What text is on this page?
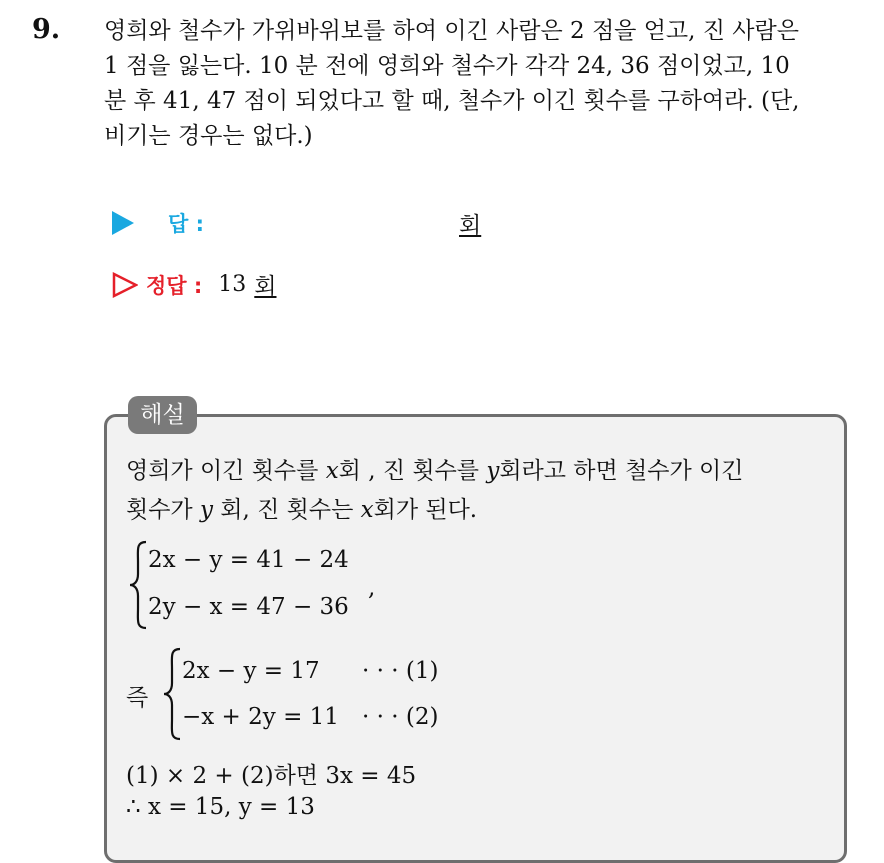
9. 영희와 철수가 가위바위보를 하여 이긴 사람은 2 점을 얻고, 진 사람은
1 점을 잃는다. 10 분 전에 영희와 철수가 각각 24, 36 점이었고, 10
분 후 41, 47 점이 되었다고 할 때, 철수가 이긴 횟수를 구하여라. (단,
비기는 경우는 없다.)
답 :	회
정답 : 13 회
해설
영희가 이긴 횟수를 x회 , 진 횟수를 y회라고 하면 철수가 이긴
횟수가 y 회, 진 횟수는 x회가 된다.
2x − y = 41 − 24
2y − x = 47 − 36
,
즉
2x − y = 17 · · · (1)
−x + 2y = 11 · · · (2)
(1) × 2 + (2)하면 3x = 45
∴ x = 15, y = 13
